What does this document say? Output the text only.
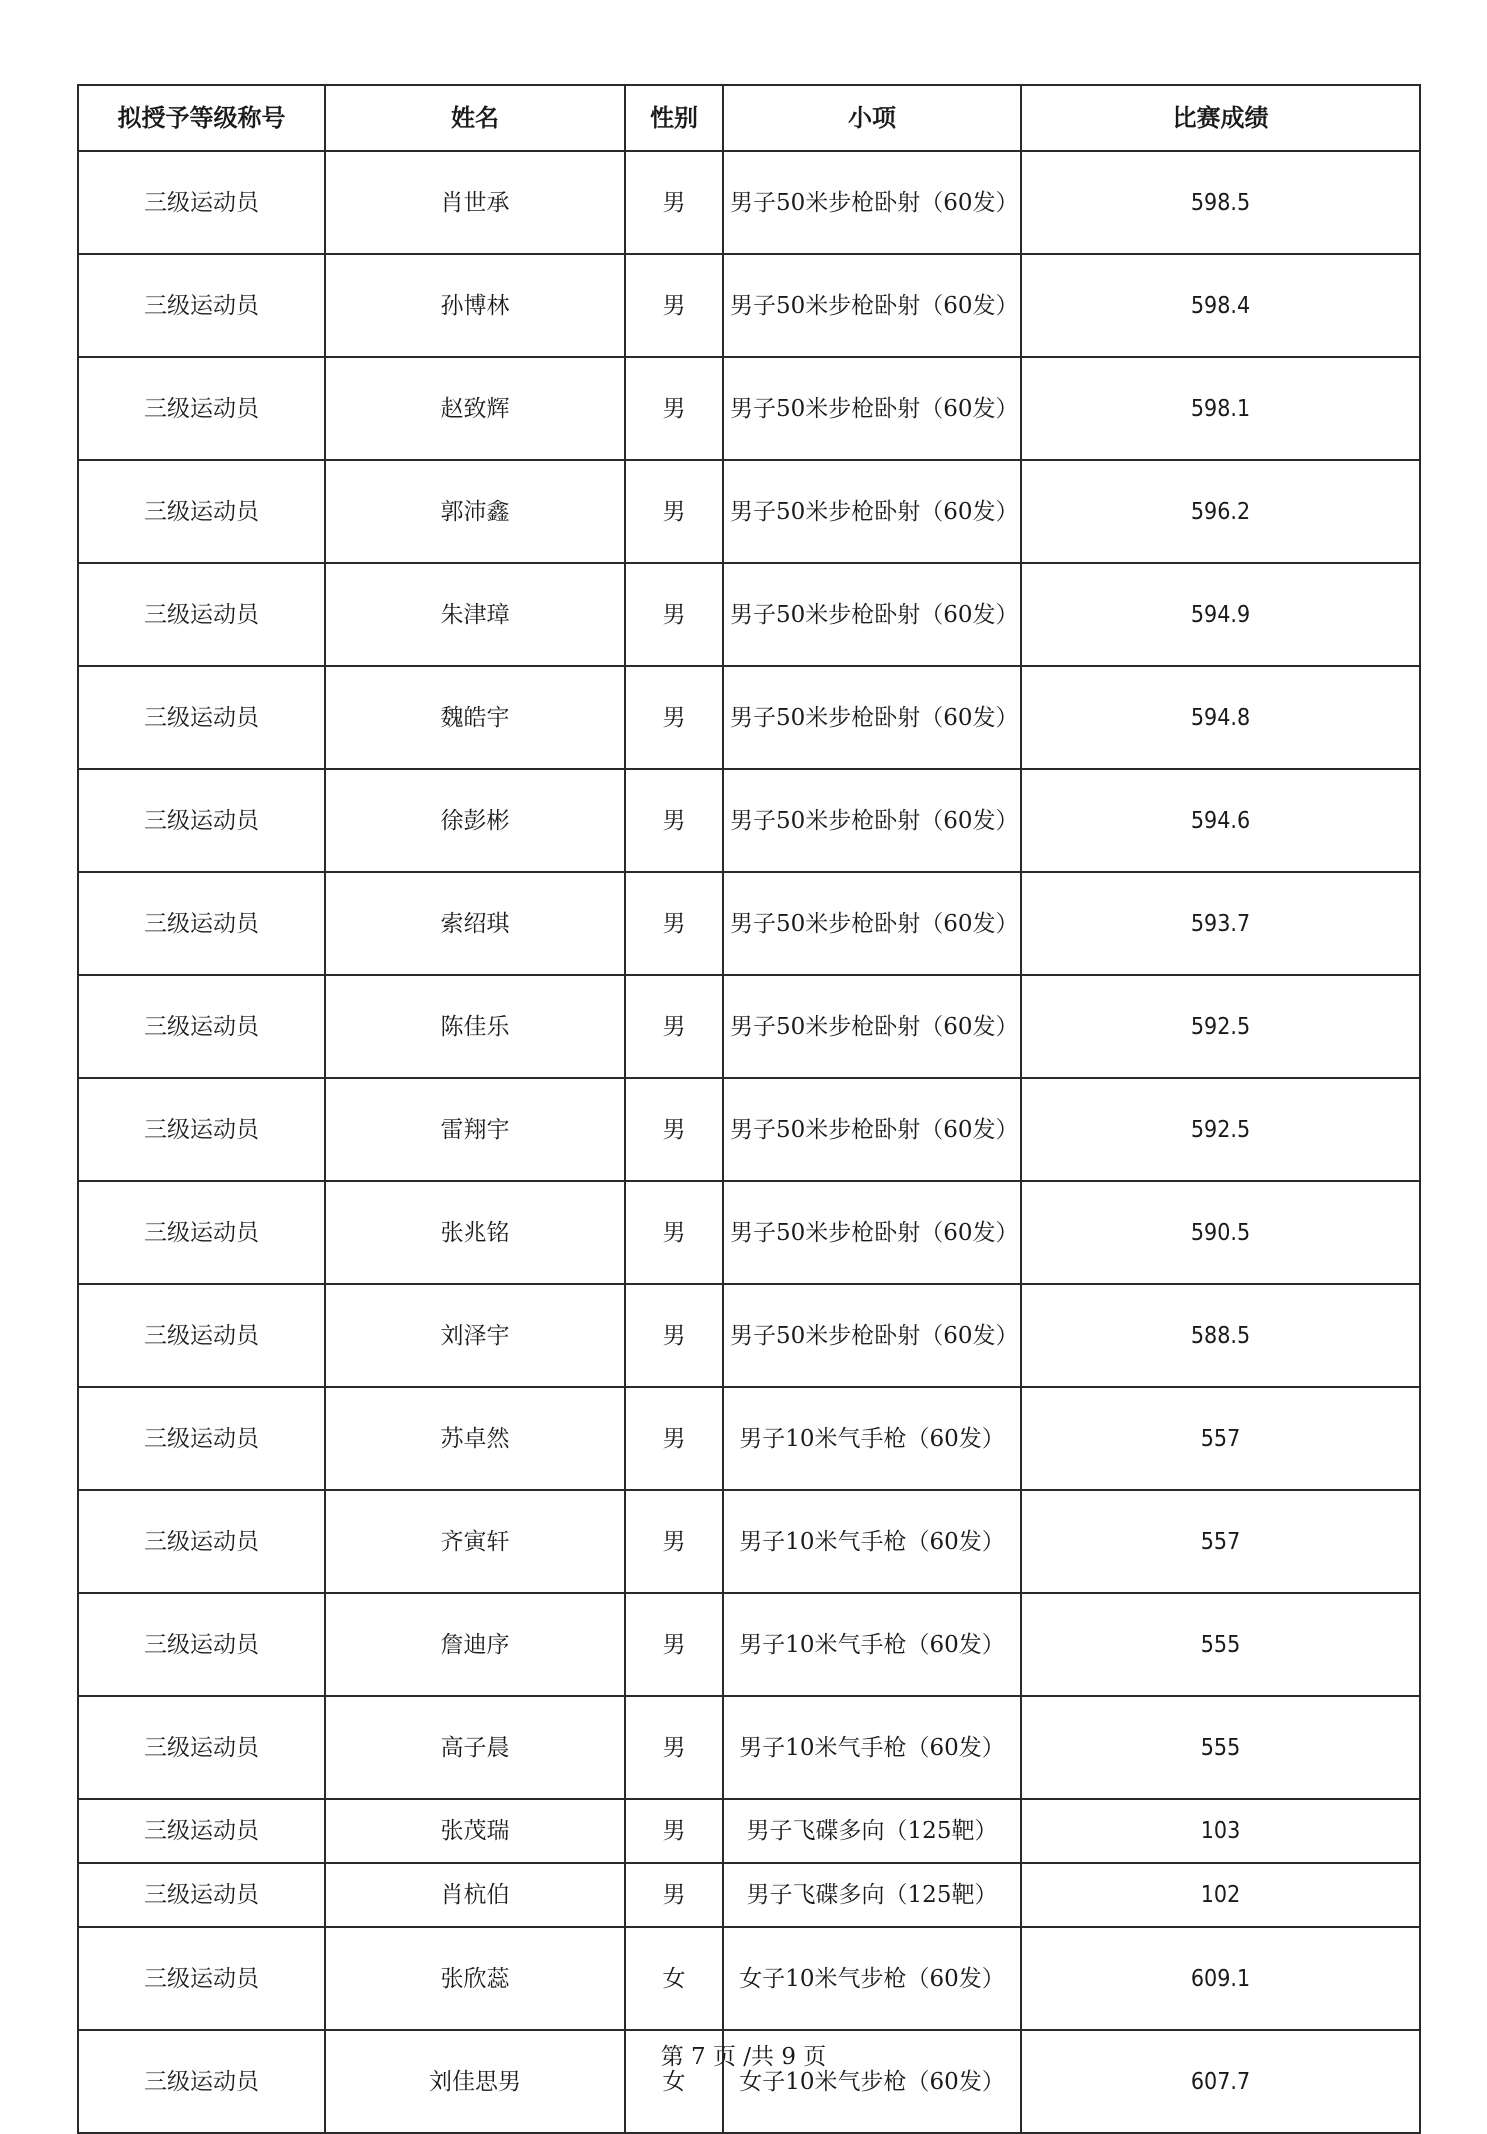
拟授予等级称号	姓名	性别	小项	比赛成绩
三级运动员	肖世承	男	男子50米步枪卧射（60发）	598.5
三级运动员	孙博林	男	男子50米步枪卧射（60发）	598.4
三级运动员	赵致辉	男	男子50米步枪卧射（60发）	598.1
三级运动员	郭沛鑫	男	男子50米步枪卧射（60发）	596.2
三级运动员	朱津璋	男	男子50米步枪卧射（60发）	594.9
三级运动员	魏皓宇	男	男子50米步枪卧射（60发）	594.8
三级运动员	徐彭彬	男	男子50米步枪卧射（60发）	594.6
三级运动员	索绍琪	男	男子50米步枪卧射（60发）	593.7
三级运动员	陈佳乐	男	男子50米步枪卧射（60发）	592.5
三级运动员	雷翔宇	男	男子50米步枪卧射（60发）	592.5
三级运动员	张兆铭	男	男子50米步枪卧射（60发）	590.5
三级运动员	刘泽宇	男	男子50米步枪卧射（60发）	588.5
三级运动员	苏卓然	男	男子10米气手枪（60发）	557
三级运动员	齐寅轩	男	男子10米气手枪（60发）	557
三级运动员	詹迪序	男	男子10米气手枪（60发）	555
三级运动员	高子晨	男	男子10米气手枪（60发）	555
三级运动员	张茂瑞	男	男子飞碟多向（125靶）	103
三级运动员	肖杭伯	男	男子飞碟多向（125靶）	102
三级运动员	张欣蕊	女	女子10米气步枪（60发）	609.1
三级运动员	刘佳思男	女	女子10米气步枪（60发）	607.7
第 7 页 /共 9 页
